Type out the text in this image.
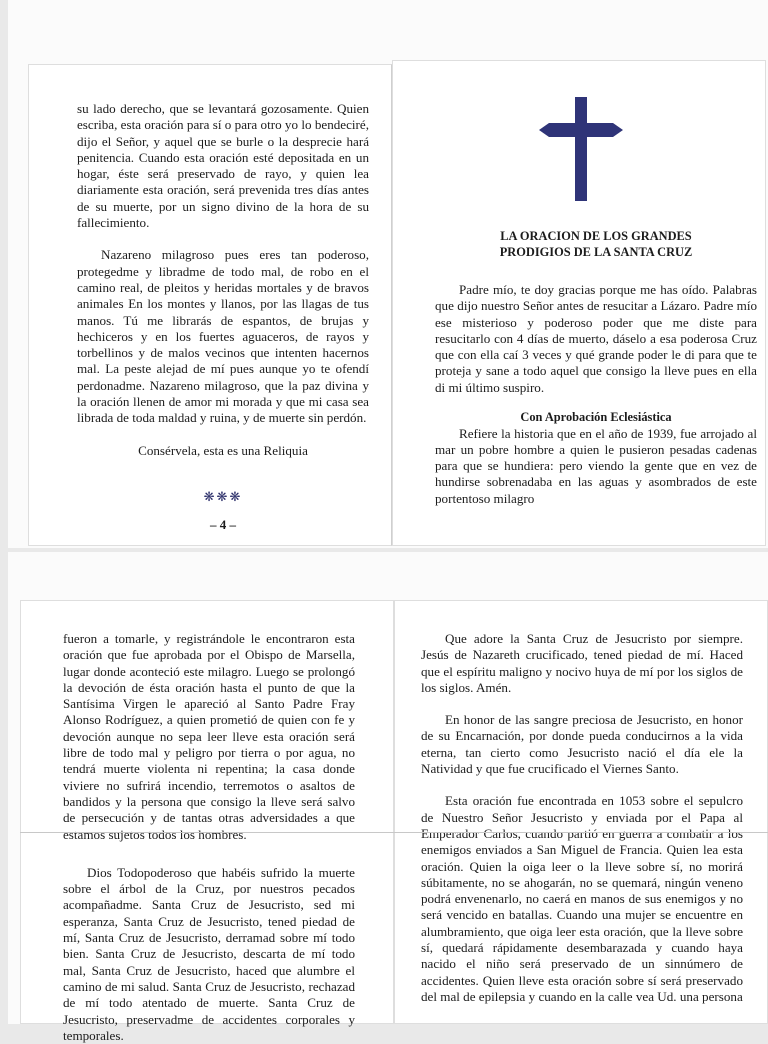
su lado derecho, que se levantará gozosamente. Quien escriba, esta oración para sí o para otro yo lo bendeciré, dijo el Señor, y aquel que se burle o la desprecie hará penitencia. Cuando esta oración esté depositada en un hogar, éste será preservado de rayo, y quien lea diariamente esta oración, será prevenida tres días antes de su muerte, por un signo divino de la hora de su fallecimiento.

Nazareno milagroso pues eres tan poderoso, protegedme y libradme de todo mal, de robo en el camino real, de pleitos y heridas mortales y de bravos animales En los montes y llanos, por las llagas de tus manos. Tú me librarás de espantos, de brujas y hechiceros y en los fuertes aguaceros, de rayos y torbellinos y de malos vecinos que intenten hacernos mal. La peste alejad de mí pues aunque yo te ofendí perdonadme. Nazareno milagroso, que la paz divina y la oración llenen de amor mi morada y que mi casa sea librada de toda maldad y ruina, y de muerte sin perdón.

Consérvela, esta es una Reliquia

❋❋❋
– 4 –
LA ORACION DE LOS GRANDES
PRODIGIOS DE LA SANTA CRUZ

Padre mío, te doy gracias porque me has oído. Palabras que dijo nuestro Señor antes de resucitar a Lázaro. Padre mío ese misterioso y poderoso poder que me diste para resucitarlo con 4 días de muerto, dáselo a esa poderosa Cruz que con ella caí 3 veces y qué grande poder le di para que te proteja y sane a todo aquel que consigo la lleve pues en ella di mi último suspiro.

Con Aprobación Eclesiástica

Refiere la historia que en el año de 1939, fue arrojado al mar un pobre hombre a quien le pusieron pesadas cadenas para que se hundiera: pero viendo la gente que en vez de hundirse sobrenadaba en las aguas y asombrados de este portentoso milagro

fueron a tomarle, y registrándole le encontraron esta oración que fue aprobada por el Obispo de Marsella, lugar donde aconteció este milagro. Luego se prolongó la devoción de ésta oración hasta el punto de que la Santísima Virgen le apareció al Santo Padre Fray Alonso Rodríguez, a quien prometió de quien con fe y devoción aunque no sepa leer lleve esta oración será libre de todo mal y peligro por tierra o por agua, no tendrá muerte violenta ni repentina; la casa donde viviere no sufrirá incendio, terremotos o asaltos de bandidos y la persona que consigo la lleve será salvo de persecución y de tantas otras adversidades a que estamos sujetos todos los hombres.

Dios Todopoderoso que habéis sufrido la muerte sobre el árbol de la Cruz, por nuestros pecados acompañadme. Santa Cruz de Jesucristo, sed mi esperanza, Santa Cruz de Jesucristo, tened piedad de mí, Santa Cruz de Jesucristo, derramad sobre mí todo bien. Santa Cruz de Jesucristo, descarta de mí todo mal, Santa Cruz de Jesucristo, haced que alumbre el camino de mi salud. Santa Cruz de Jesucristo, rechazad de mí todo atentado de muerte. Santa Cruz de Jesucristo, preservadme de accidentes corporales y temporales.

Que adore la Santa Cruz de Jesucristo por siempre. Jesús de Nazareth crucificado, tened piedad de mí. Haced que el espíritu maligno y nocivo huya de mí por los siglos de los siglos. Amén.

En honor de las sangre preciosa de Jesucristo, en honor de su Encarnación, por donde pueda conducirnos a la vida eterna, tan cierto como Jesucristo nació el día ele la Natividad y que fue crucificado el Viernes Santo.

Esta oración fue encontrada en 1053 sobre el sepulcro de Nuestro Señor Jesucristo y enviada por el Papa al Emperador Carlos, cuando partió en guerra a combatir a los enemigos enviados a San Miguel de Francia. Quien lea esta oración. Quien la oiga leer o la lleve sobre sí, no morirá súbitamente, no se ahogarán, no se quemará, ningún veneno podrá envenenarlo, no caerá en manos de sus enemigos y no será vencido en batallas. Cuando una mujer se encuentre en alumbramiento, que oiga leer esta oración, que la lleve sobre sí, quedará rápidamente desembarazada y cuando haya nacido el niño será preservado de un sinnúmero de accidentes. Quien lleve esta oración sobre sí será preservado del mal de epilepsia y cuando en la calle vea Ud. una persona
